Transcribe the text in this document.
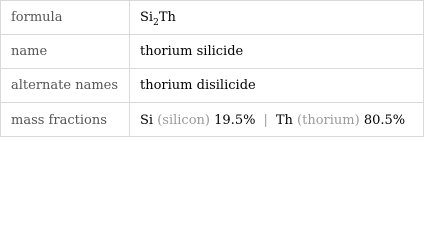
formula	$Si_2Th$
name	thorium silicide
alternate names	thorium disilicide
mass fractions	Si (silicon) 19.5% | Th (thorium) 80.5%
